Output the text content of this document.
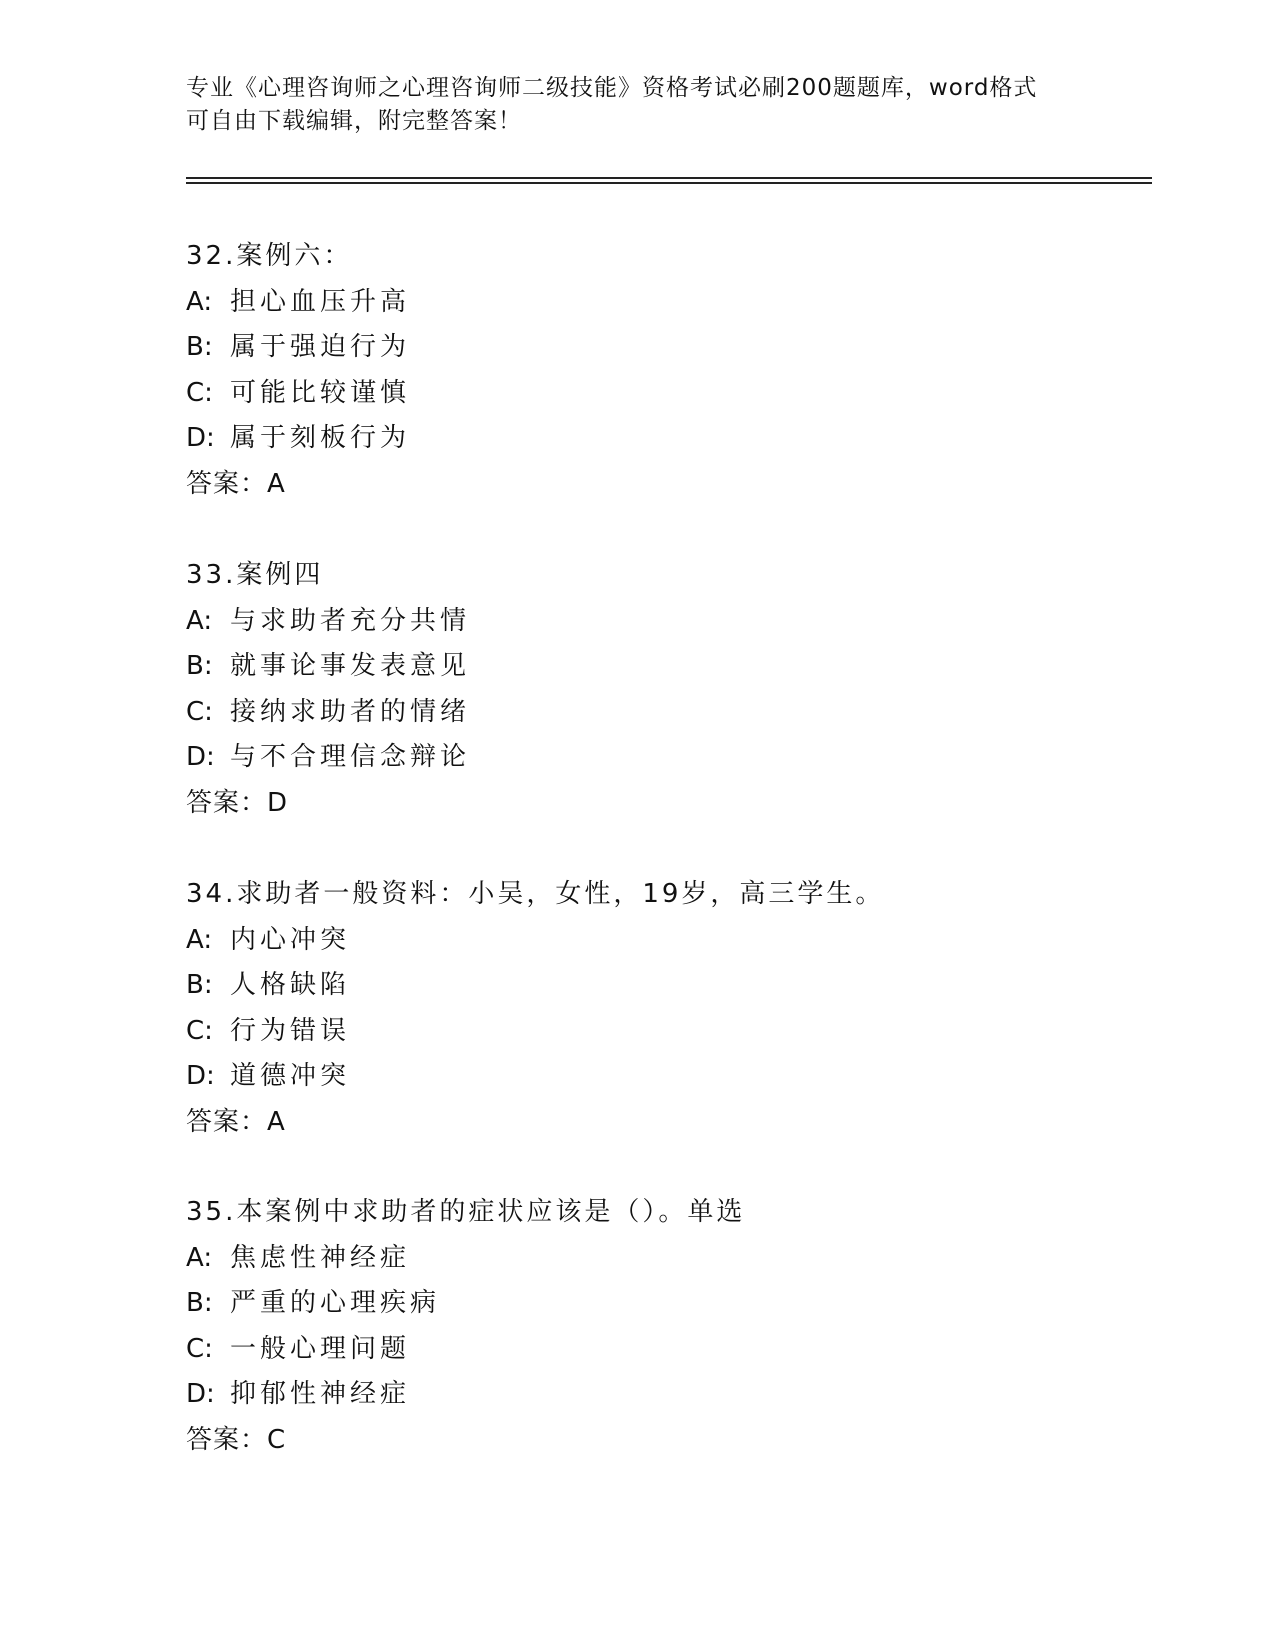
专业《心理咨询师之心理咨询师二级技能》资格考试必刷200题题库，word格式
可自由下载编辑，附完整答案！
32.案例六：
A: 担心血压升高
B: 属于强迫行为
C: 可能比较谨慎
D: 属于刻板行为
答案：A
33.案例四
A: 与求助者充分共情
B: 就事论事发表意见
C: 接纳求助者的情绪
D: 与不合理信念辩论
答案：D
34.求助者一般资料：小吴，女性，19岁，高三学生。
A: 内心冲突
B: 人格缺陷
C: 行为错误
D: 道德冲突
答案：A
35.本案例中求助者的症状应该是（）。单选
A: 焦虑性神经症
B: 严重的心理疾病
C: 一般心理问题
D: 抑郁性神经症
答案：C
